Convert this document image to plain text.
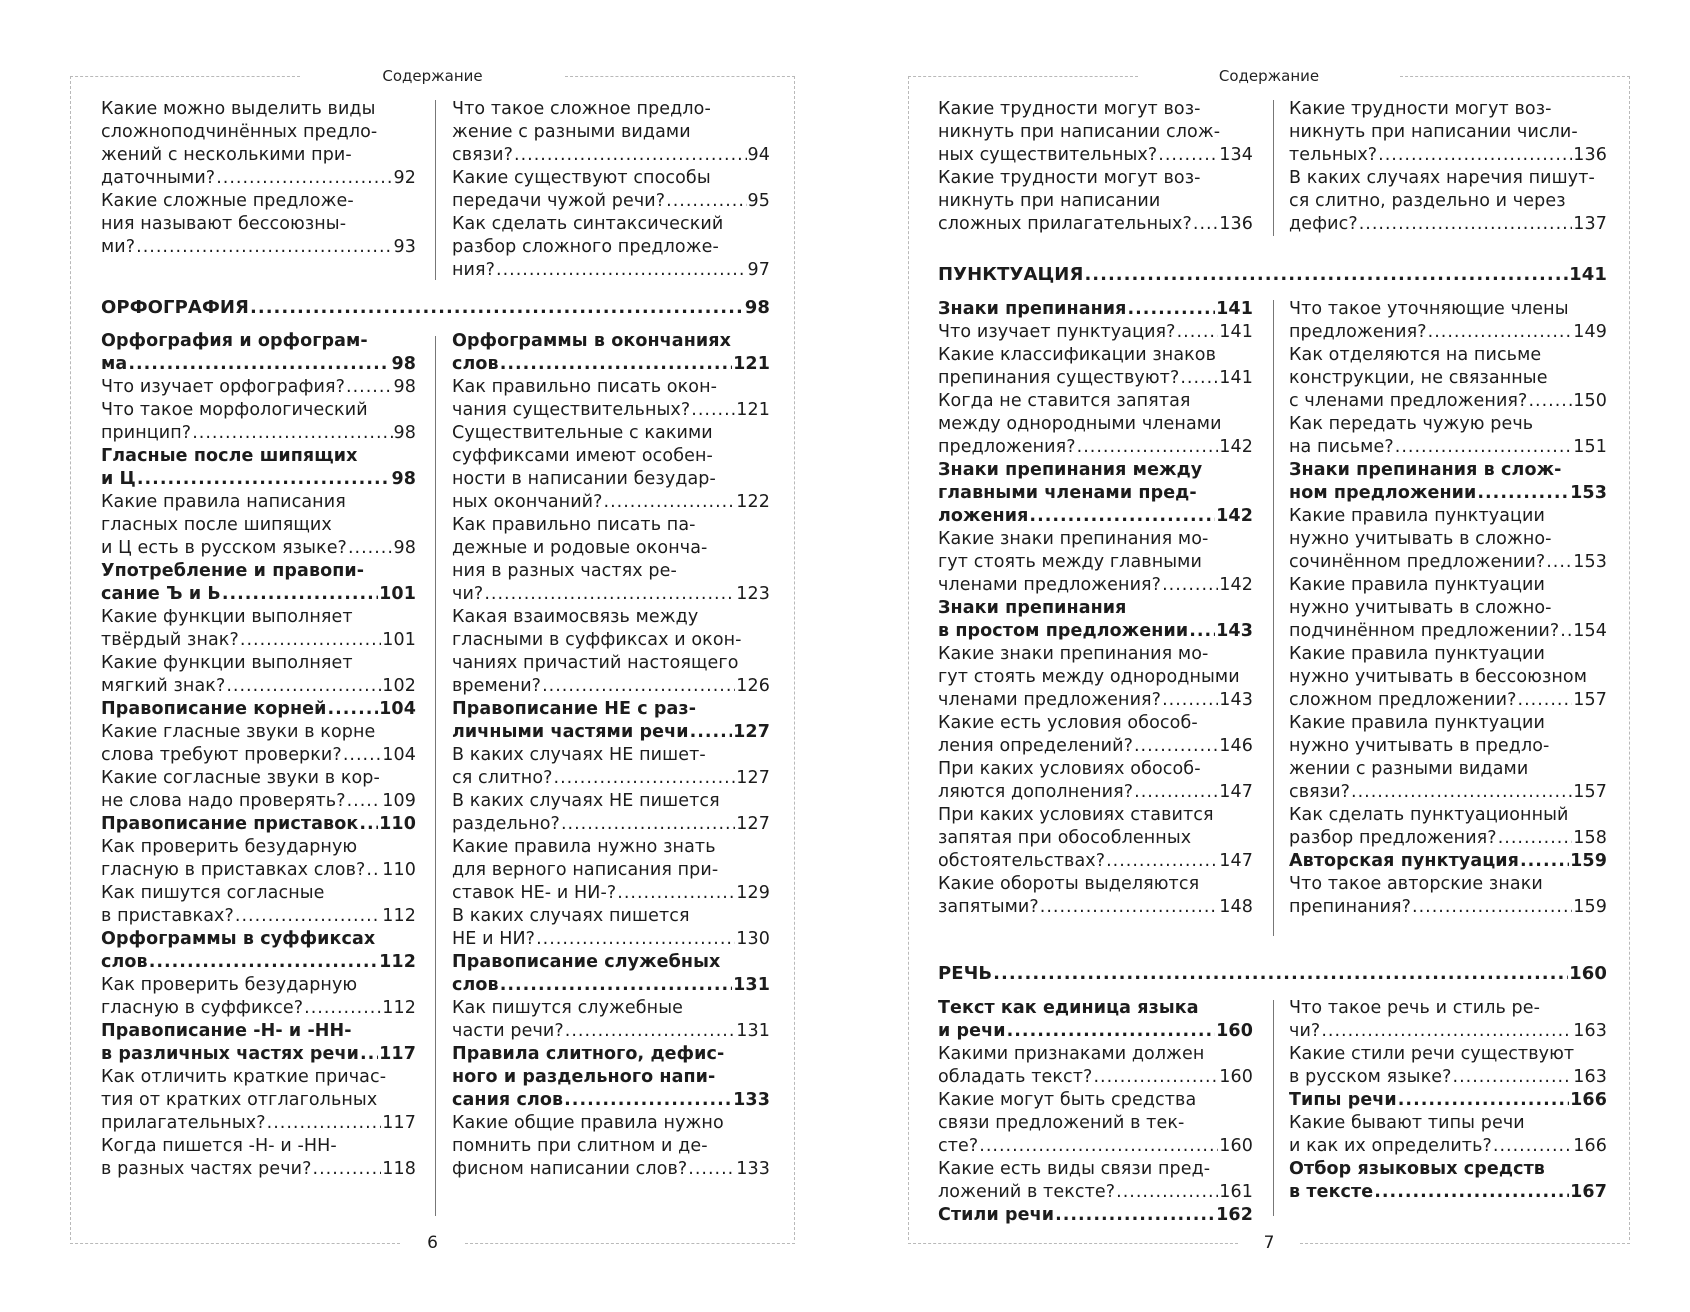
Содержание
Какие можно выделить виды
сложноподчинённых предло-
жений с несколькими при-
даточными? .....	92
Какие сложные предложе-
ния называют бессоюзны-
ми? .....	93
Что такое сложное предло-
жение с разными видами
связи? .....	94
Какие существуют способы
передачи чужой речи? .....	95
Как сделать синтаксический
разбор сложного предложе-
ния? .....	97
ОРФОГРАФИЯ .....	98
Орфография и орфограм-
ма .....	98
Что изучает орфография? .....	98
Что такое морфологический
принцип? .....	98
Гласные после шипящих
и Ц .....	98
Какие правила написания
гласных после шипящих
и Ц есть в русском языке? .....	98
Употребление и правопи-
сание Ъ и Ь .....	101
Какие функции выполняет
твёрдый знак? .....	101
Какие функции выполняет
мягкий знак? .....	102
Правописание корней .....	104
Какие гласные звуки в корне
слова требуют проверки? ..... 104
Какие согласные звуки в кор-
не слова надо проверять? ..... 109
Правописание приставок ..... 110
Как проверить безударную
гласную в приставках слов? ..... 110
Как пишутся согласные
в приставках? .....	112
Орфограммы в суффиксах
слов .....	112
Как проверить безударную
гласную в суффиксе? .....	112
Правописание -Н- и -НН-
в различных частях речи ..... 117
Как отличить краткие причас-
тия от кратких отглагольных
прилагательных? .....	117
Когда пишется -Н- и -НН-
в разных частях речи? .....	118
Орфограммы в окончаниях
слов .....	121
Как правильно писать окон-
чания существительных? .....	121
Существительные с какими
суффиксами имеют особен-
ности в написании безудар-
ных окончаний? .....	122
Как правильно писать па-
дежные и родовые оконча-
ния в разных частях ре-
чи? .....	123
Какая взаимосвязь между
гласными в суффиксах и окон-
чаниях причастий настоящего
времени? .....	126
Правописание НЕ с раз-
личными частями речи .....	127
В каких случаях НЕ пишет-
ся слитно? .....	127
В каких случаях НЕ пишется
раздельно? .....	127
Какие правила нужно знать
для верного написания при-
ставок НЕ- и НИ-? .....	129
В каких случаях пишется
НЕ и НИ? .....	130
Правописание служебных
слов .....	131
Как пишутся служебные
части речи? .....	131
Правила слитного, дефис-
ного и раздельного напи-
сания слов .....	133
Какие общие правила нужно
помнить при слитном и де-
фисном написании слов? .....	133
6
Содержание
Какие трудности могут воз-
никнуть при написании слож-
ных существительных? .....	134
Какие трудности могут воз-
никнуть при написании
сложных прилагательных? ..... 136
Какие трудности могут воз-
никнуть при написании числи-
тельных? .....	136
В каких случаях наречия пишут-
ся слитно, раздельно и через
дефис? .....	137
ПУНКТУАЦИЯ .....	141
Знаки препинания .....	141
Что изучает пунктуация? ..... 141
Какие классификации знаков
препинания существуют? ..... 141
Когда не ставится запятая
между однородными членами
предложения? .....	142
Знаки препинания между
главными членами пред-
ложения .....	142
Какие знаки препинания мо-
гут стоять между главными
членами предложения? .....	142
Знаки препинания
в простом предложении ..... 143
Какие знаки препинания мо-
гут стоять между однородными
членами предложения? .....	143
Какие есть условия обособ-
ления определений? .....	146
При каких условиях обособ-
ляются дополнения? .....	147
При каких условиях ставится
запятая при обособленных
обстоятельствах? .....	147
Какие обороты выделяются
запятыми? .....	148
Что такое уточняющие члены
предложения? .....	149
Как отделяются на письме
конструкции, не связанные
с членами предложения? .....	150
Как передать чужую речь
на письме? .....	151
Знаки препинания в слож-
ном предложении .....	153
Какие правила пунктуации
нужно учитывать в сложно-
сочинённом предложении? ..... 153
Какие правила пунктуации
нужно учитывать в сложно-
подчинённом предложении? ..... 154
Какие правила пунктуации
нужно учитывать в бессоюзном
сложном предложении? .....	157
Какие правила пунктуации
нужно учитывать в предло-
жении с разными видами
связи? .....	157
Как сделать пунктуационный
разбор предложения? .....	158
Авторская пунктуация .....	159
Что такое авторские знаки
препинания? .....	159
РЕЧЬ .....	160
Текст как единица языка
и речи .....	160
Какими признаками должен
обладать текст? .....	160
Какие могут быть средства
связи предложений в тек-
сте? .....	160
Какие есть виды связи пред-
ложений в тексте? .....	161
Стили речи .....	162
Что такое речь и стиль ре-
чи? .....	163
Какие стили речи существуют
в русском языке? .....	163
Типы речи .....	166
Какие бывают типы речи
и как их определить? .....	166
Отбор языковых средств
в тексте .....	167
7
